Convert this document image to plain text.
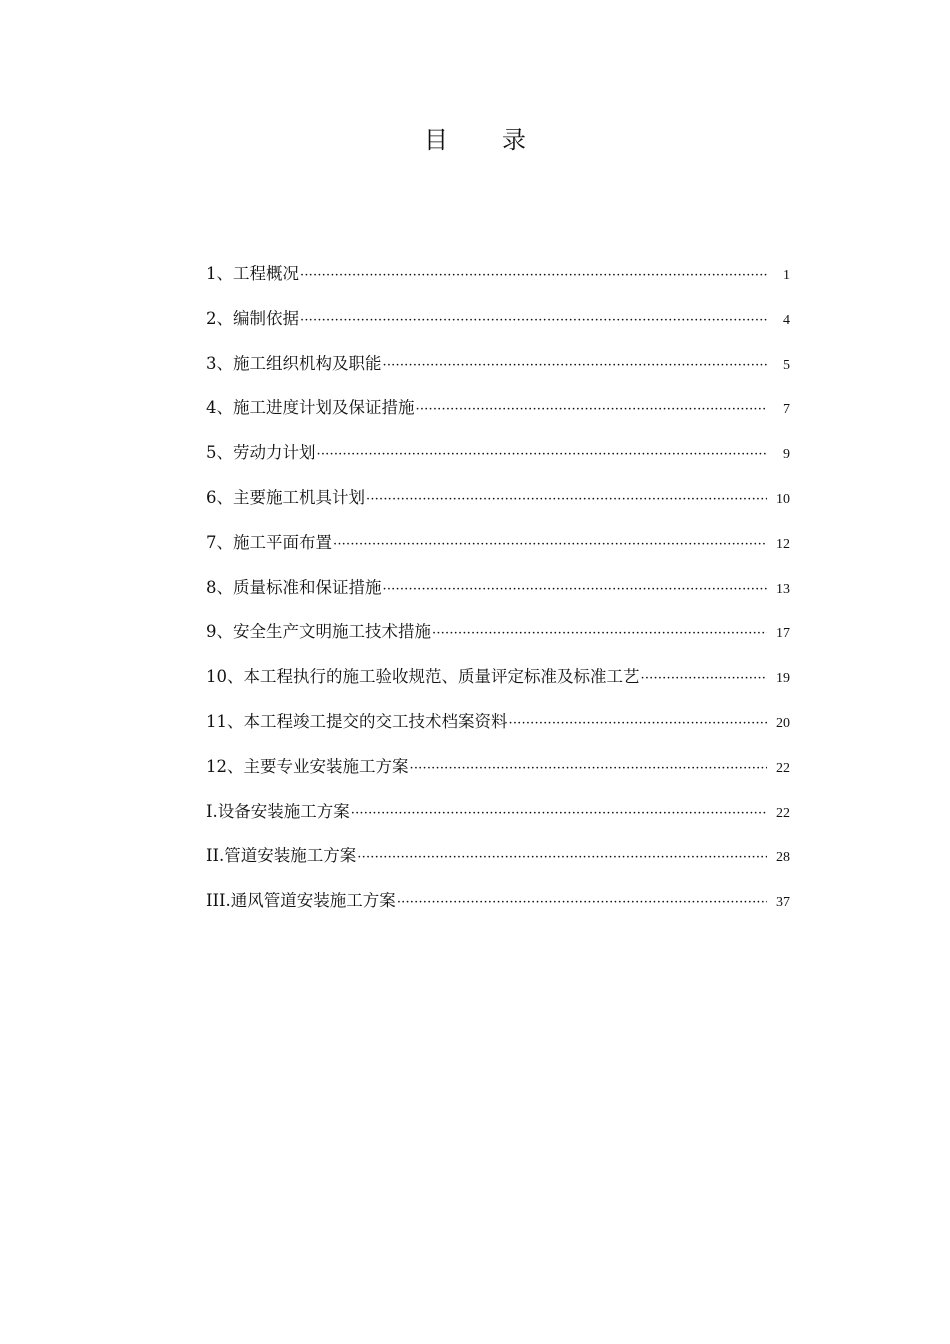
目录
1、工程概况 ·····	1
2、编制依据 ·····	4
3、施工组织机构及职能 ·····	5
4、施工进度计划及保证措施 ·····	7
5、劳动力计划 ·····	9
6、主要施工机具计划 ·····	10
7、施工平面布置 ·····	12
8、质量标准和保证措施 ·····	13
9、安全生产文明施工技术措施 ·····	17
10、本工程执行的施工验收规范、质量评定标准及标准工艺 ·····	19
11、本工程竣工提交的交工技术档案资料 ·····	20
12、主要专业安装施工方案 ·····	22
I.设备安装施工方案 ·····	22
II.管道安装施工方案 ·····	28
III.通风管道安装施工方案 ·····	37
